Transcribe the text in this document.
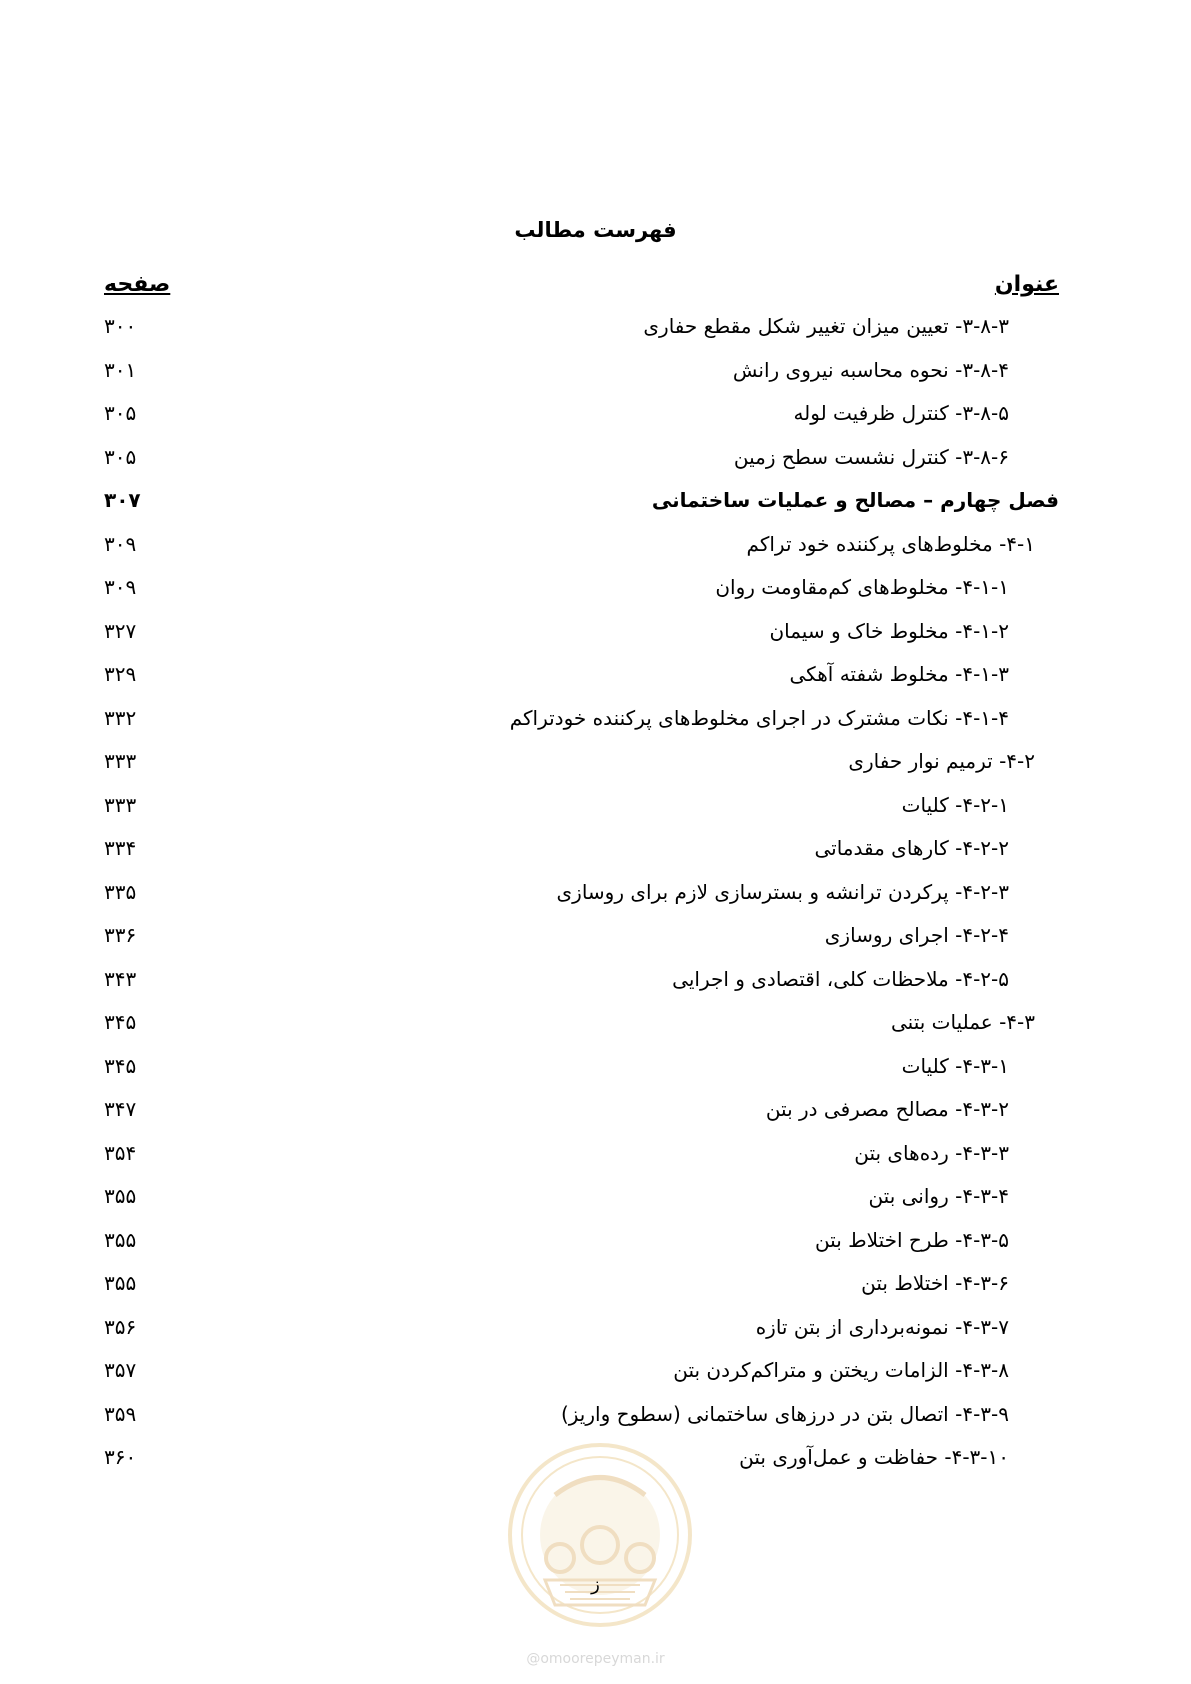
فهرست مطالب
عنوان
صفحه
۳-۸-۳- تعیین میزان تغییر شکل مقطع حفاری
۳۰۰
۳-۸-۴- نحوه محاسبه نیروی رانش
۳۰۱
۳-۸-۵- کنترل ظرفیت لوله
۳۰۵
۳-۸-۶- کنترل نشست سطح زمین
۳۰۵
فصل چهارم – مصالح و عملیات ساختمانی
۳۰۷
۴-۱- مخلوط‌های پرکننده خود تراکم
۳۰۹
۴-۱-۱- مخلوط‌های کم‌مقاومت روان
۳۰۹
۴-۱-۲- مخلوط خاک و سیمان
۳۲۷
۴-۱-۳- مخلوط شفته آهکی
۳۲۹
۴-۱-۴- نکات مشترک در اجرای مخلوط‌های پرکننده خودتراکم
۳۳۲
۴-۲- ترمیم نوار حفاری
۳۳۳
۴-۲-۱- کلیات
۳۳۳
۴-۲-۲- کارهای مقدماتی
۳۳۴
۴-۲-۳- پرکردن ترانشه و بسترسازی لازم برای روسازی
۳۳۵
۴-۲-۴- اجرای روسازی
۳۳۶
۴-۲-۵- ملاحظات کلی، اقتصادی و اجرایی
۳۴۳
۴-۳- عملیات بتنی
۳۴۵
۴-۳-۱- کلیات
۳۴۵
۴-۳-۲- مصالح مصرفی در بتن
۳۴۷
۴-۳-۳- رده‌های بتن
۳۵۴
۴-۳-۴- روانی بتن
۳۵۵
۴-۳-۵- طرح اختلاط بتن
۳۵۵
۴-۳-۶- اختلاط بتن
۳۵۵
۴-۳-۷- نمونه‌برداری از بتن تازه
۳۵۶
۴-۳-۸- الزامات ریختن و متراکم‌کردن بتن
۳۵۷
۴-۳-۹- اتصال بتن در درزهای ساختمانی (سطوح واریز)
۳۵۹
۴-۳-۱۰- حفاظت و عمل‌آوری بتن
۳۶۰
ز
@omoorepeyman.ir
